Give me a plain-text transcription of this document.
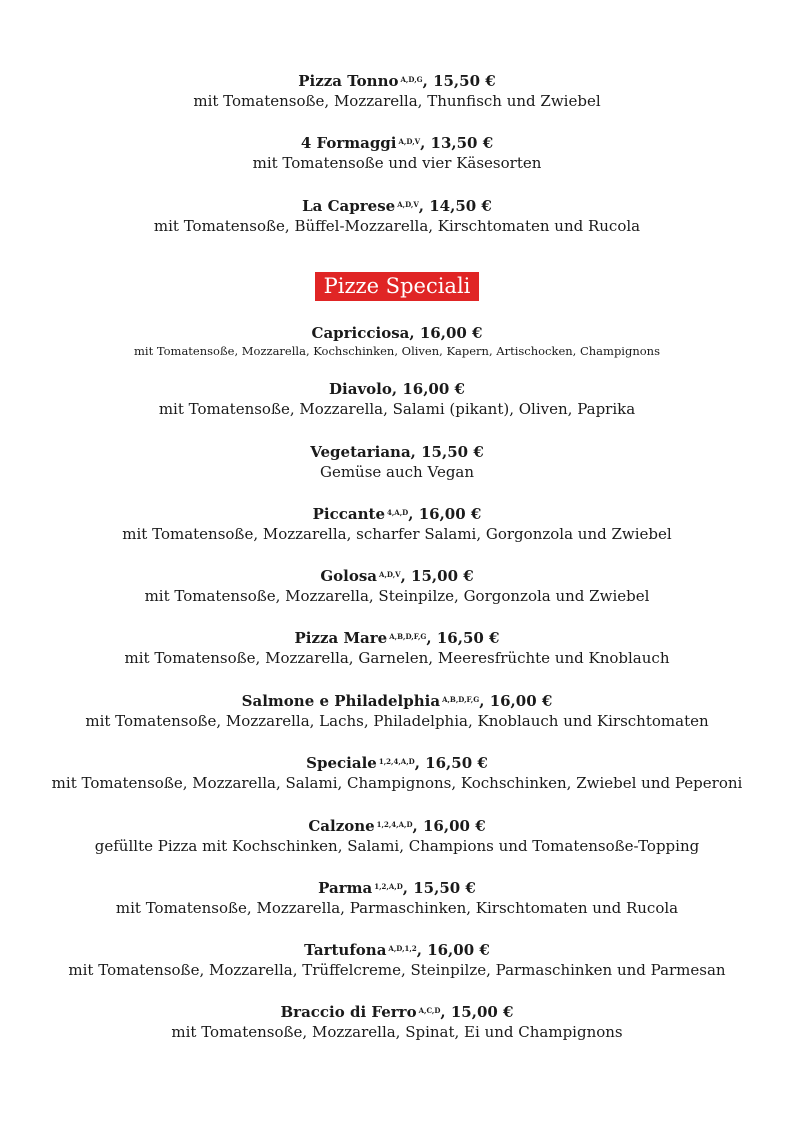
Pizza Tonno $^{A,D,G}$, 15,50 €
mit Tomatensoße, Mozzarella, Thunfisch und Zwiebel
4 Formaggi $^{A,D,V}$, 13,50 €
mit Tomatensoße und vier Käsesorten
La Caprese $^{A,D,V}$, 14,50 €
mit Tomatensoße, Büffel-Mozzarella, Kirschtomaten und Rucola
Pizze Speciali
Capricciosa, 16,00 €
mit Tomatensoße, Mozzarella, Kochschinken, Oliven, Kapern, Artischocken, Champignons
Diavolo, 16,00 €
mit Tomatensoße, Mozzarella, Salami (pikant), Oliven, Paprika
Vegetariana, 15,50 €
Gemüse auch Vegan
Piccante $^{4,A,D}$, 16,00 €
mit Tomatensoße, Mozzarella, scharfer Salami, Gorgonzola und Zwiebel
Golosa $^{A,D,V}$, 15,00 €
mit Tomatensoße, Mozzarella, Steinpilze, Gorgonzola und Zwiebel
Pizza Mare $^{A,B,D,F,G}$, 16,50 €
mit Tomatensoße, Mozzarella, Garnelen, Meeresfrüchte und Knoblauch
Salmone e Philadelphia $^{A,B,D,F,G}$, 16,00 €
mit Tomatensoße, Mozzarella, Lachs, Philadelphia, Knoblauch und Kirschtomaten
Speciale $^{1,2,4,A,D}$, 16,50 €
mit Tomatensoße, Mozzarella, Salami, Champignons, Kochschinken, Zwiebel und Peperoni
Calzone $^{1,2,4,A,D}$, 16,00 €
gefüllte Pizza mit Kochschinken, Salami, Champions und Tomatensoße-Topping
Parma $^{1,2,A,D}$, 15,50 €
mit Tomatensoße, Mozzarella, Parmaschinken, Kirschtomaten und Rucola
Tartufona $^{A,D,1,2}$, 16,00 €
mit Tomatensoße, Mozzarella, Trüffelcreme, Steinpilze, Parmaschinken und Parmesan
Braccio di Ferro $^{A,C,D}$, 15,00 €
mit Tomatensoße, Mozzarella, Spinat, Ei und Champignons
